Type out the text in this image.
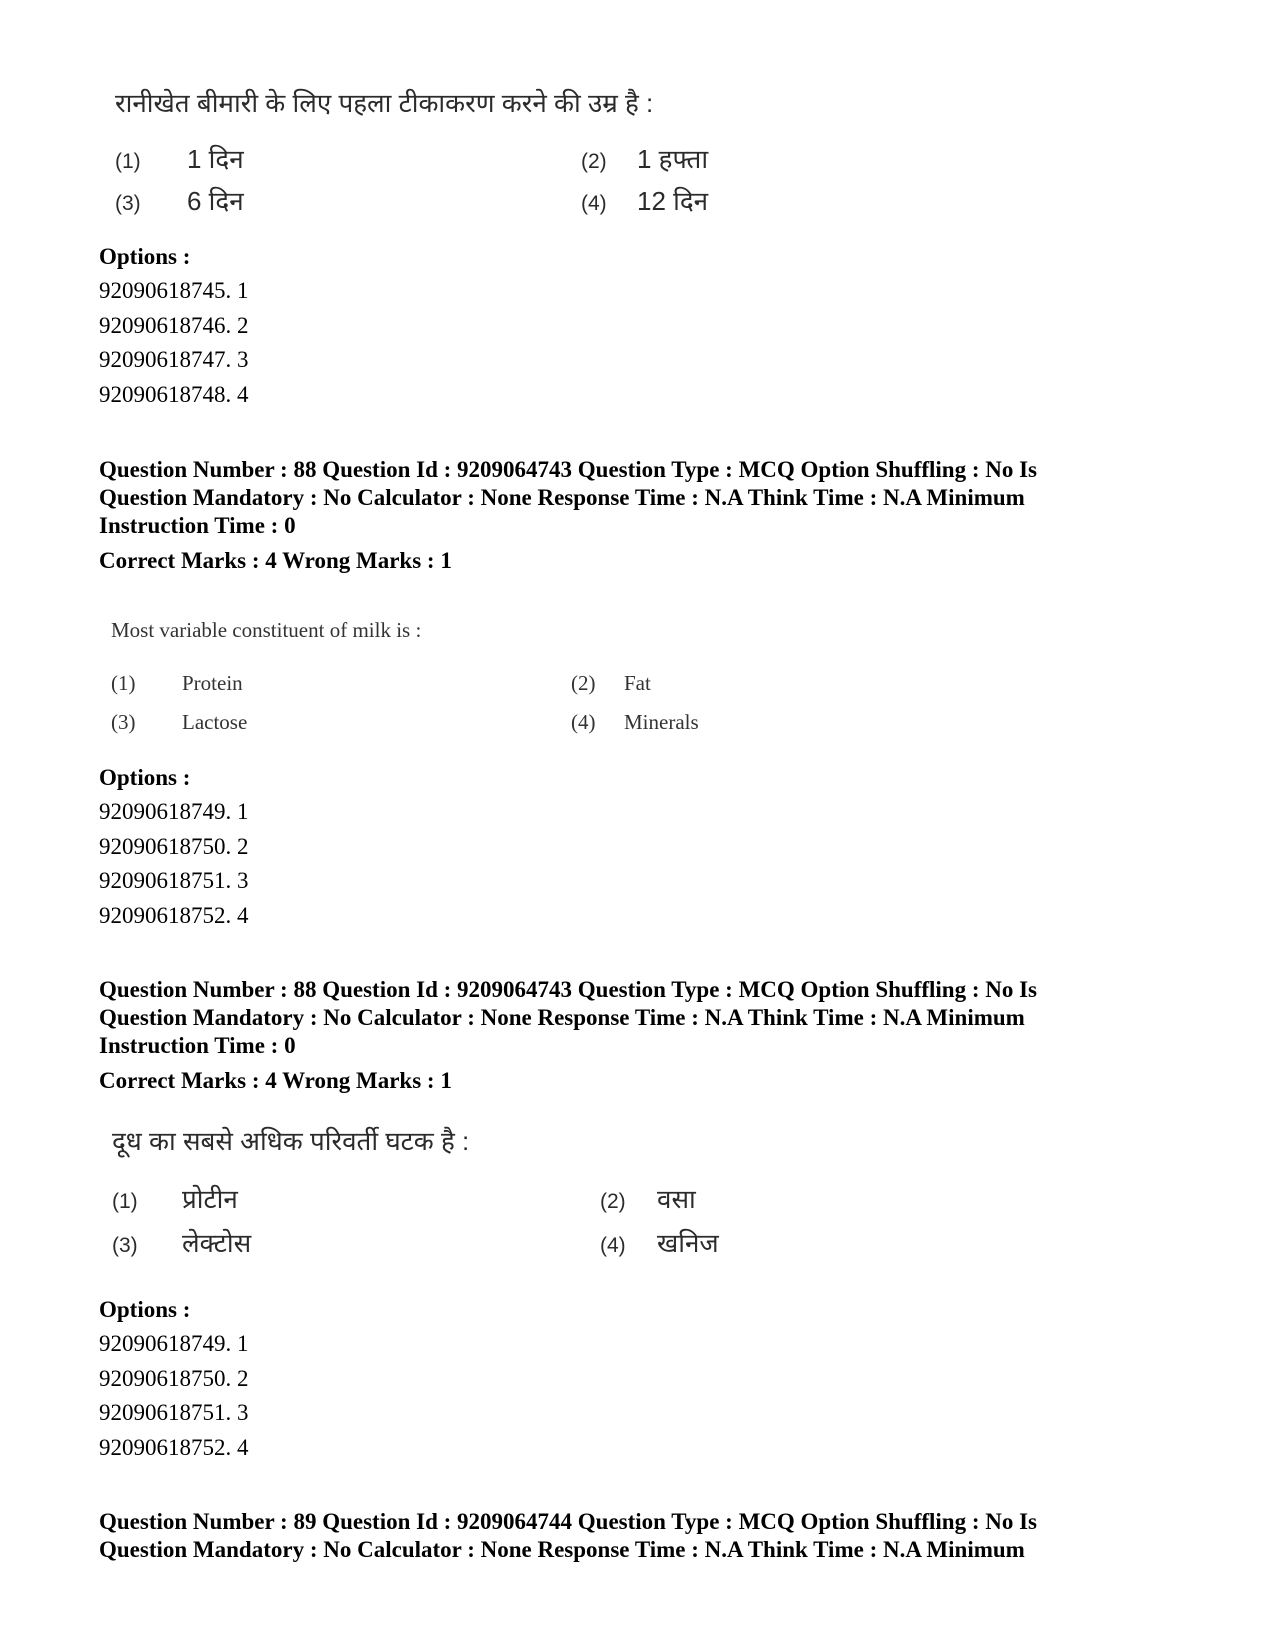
रानीखेत बीमारी के लिए पहला टीकाकरण करने की उम्र है :
(1) 1 दिन	(2) 1 हफ्ता
(3) 6 दिन	(4) 12 दिन
Options :
92090618745. 1
92090618746. 2
92090618747. 3
92090618748. 4
Question Number : 88 Question Id : 9209064743 Question Type : MCQ Option Shuffling : No Is
Question Mandatory : No Calculator : None Response Time : N.A Think Time : N.A Minimum
Instruction Time : 0
Correct Marks : 4 Wrong Marks : 1
Most variable constituent of milk is :
(1) Protein	(2) Fat
(3) Lactose	(4) Minerals
Options :
92090618749. 1
92090618750. 2
92090618751. 3
92090618752. 4
Question Number : 88 Question Id : 9209064743 Question Type : MCQ Option Shuffling : No Is
Question Mandatory : No Calculator : None Response Time : N.A Think Time : N.A Minimum
Instruction Time : 0
Correct Marks : 4 Wrong Marks : 1
दूध का सबसे अधिक परिवर्ती घटक है :
(1) प्रोटीन	(2) वसा
(3) लेक्टोस	(4) खनिज
Options :
92090618749. 1
92090618750. 2
92090618751. 3
92090618752. 4
Question Number : 89 Question Id : 9209064744 Question Type : MCQ Option Shuffling : No Is
Question Mandatory : No Calculator : None Response Time : N.A Think Time : N.A Minimum
